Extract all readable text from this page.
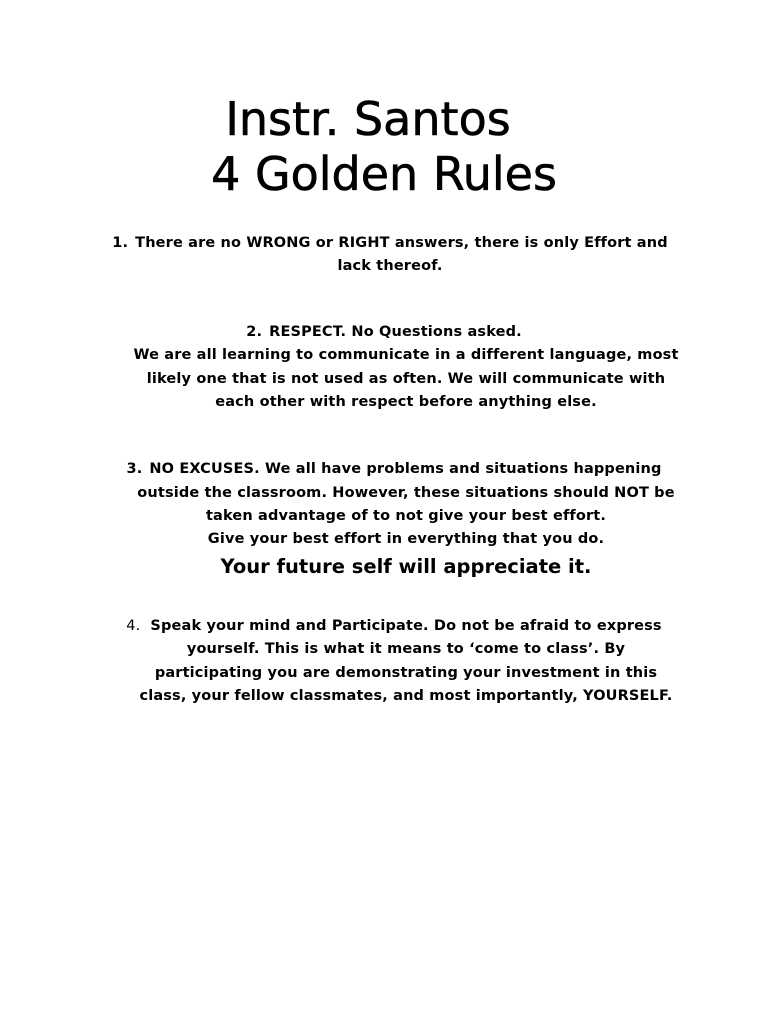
Instr. Santos
4 Golden Rules
1. There are no WRONG or RIGHT answers, there is only Effort and
lack thereof.
2. RESPECT. No Questions asked.
We are all learning to communicate in a different language, most
likely one that is not used as often. We will communicate with
each other with respect before anything else.
3. NO EXCUSES. We all have problems and situations happening
outside the classroom. However, these situations should NOT be
taken advantage of to not give your best effort.
Give your best effort in everything that you do.
Your future self will appreciate it.
4. Speak your mind and Participate. Do not be afraid to express
yourself. This is what it means to ‘come to class’. By
participating you are demonstrating your investment in this
class, your fellow classmates, and most importantly, YOURSELF.
